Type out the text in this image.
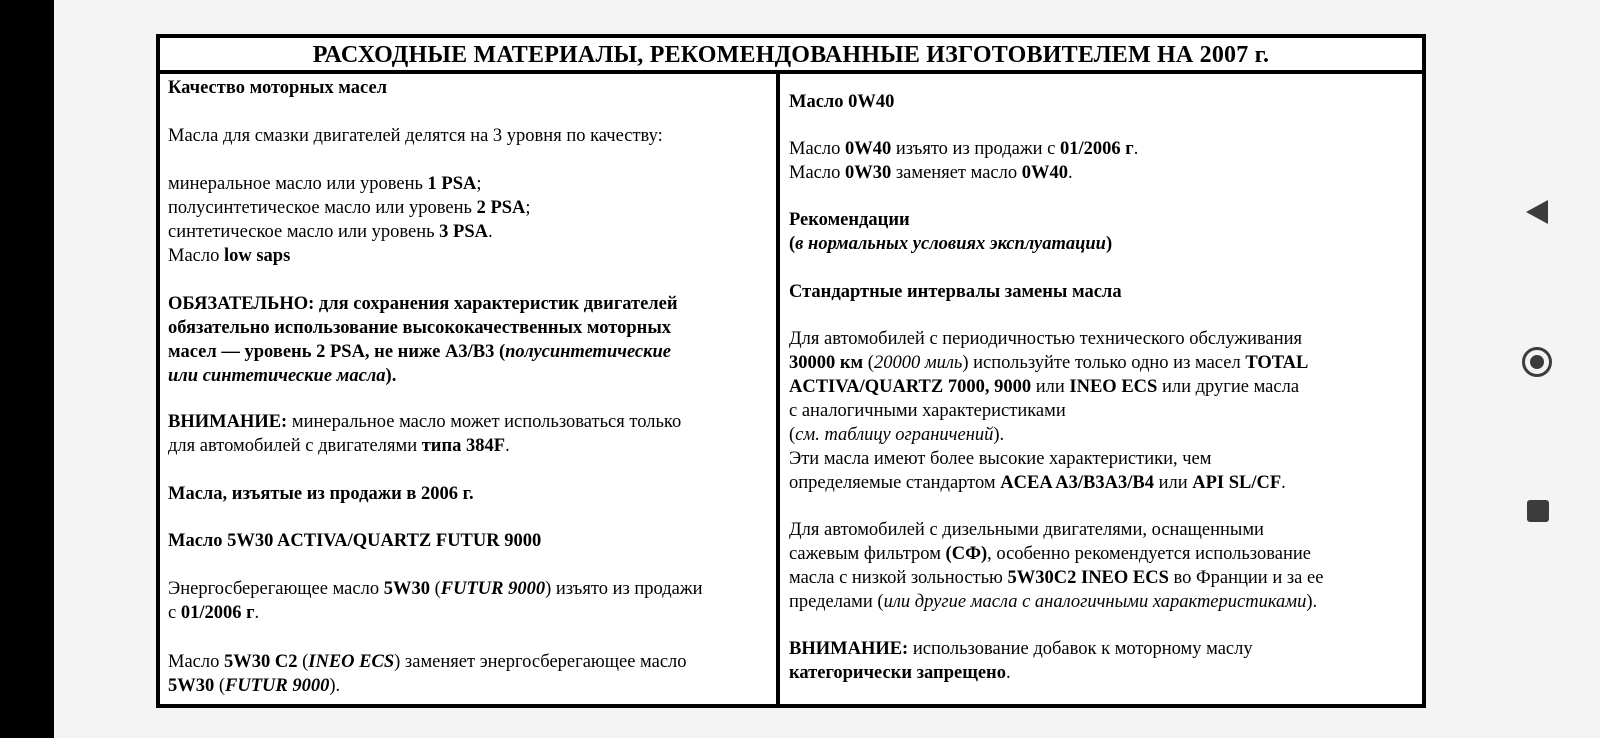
РАСХОДНЫЕ МАТЕРИАЛЫ, РЕКОМЕНДОВАННЫЕ ИЗГОТОВИТЕЛЕМ НА 2007 г.

Качество моторных масел

Масла для смазки двигателей делятся на 3 уровня по качеству:

минеральное масло или уровень 1 PSA;

полусинтетическое масло или уровень 2 PSA;

синтетическое масло или уровень 3 PSA.

Масло low saps

ОБЯЗАТЕЛЬНО: для сохранения характеристик двигателей

обязательно использование высококачественных моторных

масел — уровень 2 PSA, не ниже A3/B3 (полусинтетические

или синтетические масла).

ВНИМАНИЕ: минеральное масло может использоваться только

для автомобилей с двигателями типа 384F.

Масла, изъятые из продажи в 2006 г.

Масло 5W30 ACTIVA/QUARTZ FUTUR 9000

Энергосберегающее масло 5W30 (FUTUR 9000) изъято из продажи

с 01/2006 г.

Масло 5W30 C2 (INEO ECS) заменяет энергосберегающее масло

5W30 (FUTUR 9000).

Масло 0W40

Масло 0W40 изъято из продажи с 01/2006 г.

Масло 0W30 заменяет масло 0W40.

Рекомендации

(в нормальных условиях эксплуатации)

Стандартные интервалы замены масла

Для автомобилей с периодичностью технического обслуживания

30000 км (20000 миль) используйте только одно из масел TOTAL

ACTIVA/QUARTZ 7000, 9000 или INEO ECS или другие масла

с аналогичными характеристиками

(см. таблицу ограничений).

Эти масла имеют более высокие характеристики, чем

определяемые стандартом ACEA A3/B3A3/B4 или API SL/CF.

Для автомобилей с дизельными двигателями, оснащенными

сажевым фильтром (СФ), особенно рекомендуется использование

масла с низкой зольностью 5W30C2 INEO ECS во Франции и за ее

пределами (или другие масла с аналогичными характеристиками).

ВНИМАНИЕ: использование добавок к моторному маслу

категорически запрещено.
